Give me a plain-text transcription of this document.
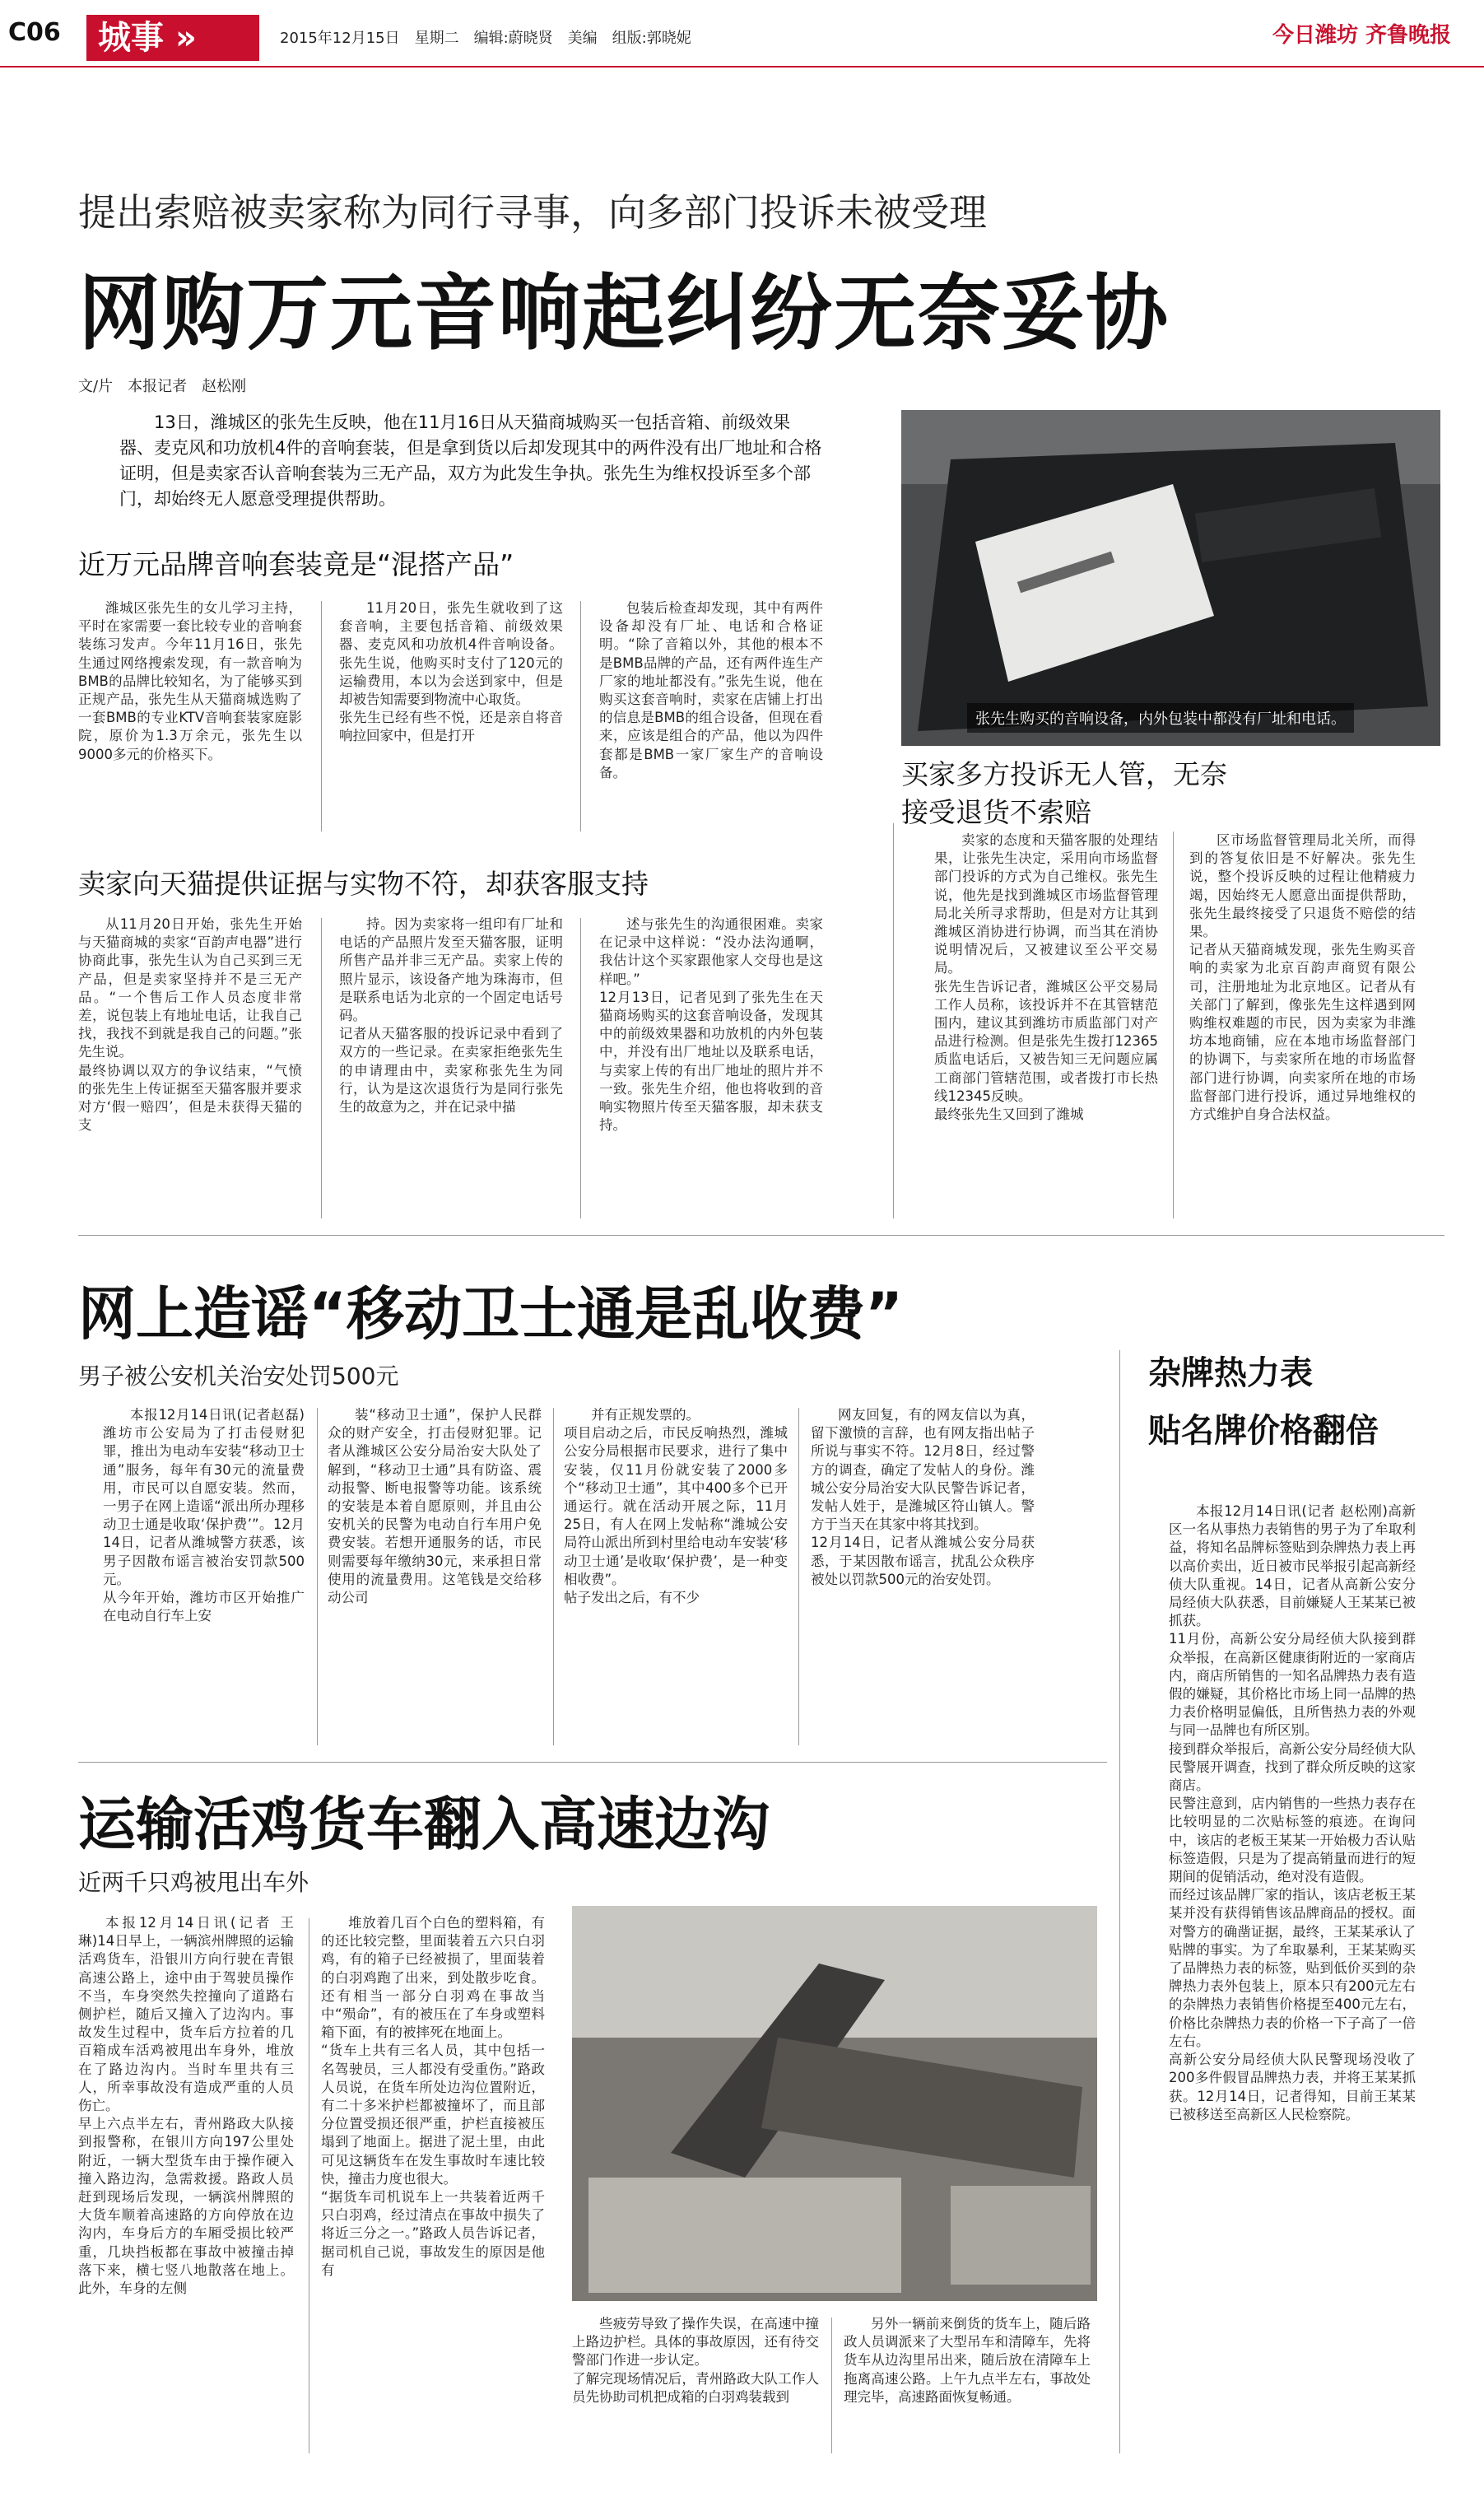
C06	城事 »	2015年12月15日　星期二　编辑:蔚晓贤　美编　组版:郭晓妮	今日潍坊 齐鲁晚报
提出索赔被卖家称为同行寻事，向多部门投诉未被受理
网购万元音响起纠纷无奈妥协
文/片　本报记者　赵松刚
13日，潍城区的张先生反映，他在11月16日从天猫商城购买一包括音箱、前级效果器、麦克风和功放机4件的音响套装，但是拿到货以后却发现其中的两件没有出厂地址和合格证明，但是卖家否认音响套装为三无产品，双方为此发生争执。张先生为维权投诉至多个部门，却始终无人愿意受理提供帮助。
张先生购买的音响设备，内外包装中都没有厂址和电话。
近万元品牌音响套装竟是“混搭产品”
潍城区张先生的女儿学习主持，平时在家需要一套比较专业的音响套装练习发声。今年11月16日，张先生通过网络搜索发现，有一款音响为BMB的品牌比较知名，为了能够买到正规产品，张先生从天猫商城选购了一套BMB的专业KTV音响套装家庭影院，原价为1.3万余元，张先生以9000多元的价格买下。
11月20日，张先生就收到了这套音响，主要包括音箱、前级效果器、麦克风和功放机4件音响设备。张先生说，他购买时支付了120元的运输费用，本以为会送到家中，但是却被告知需要到物流中心取货。
张先生已经有些不悦，还是亲自将音响拉回家中，但是打开
包装后检查却发现，其中有两件设备却没有厂址、电话和合格证明。“除了音箱以外，其他的根本不是BMB品牌的产品，还有两件连生产厂家的地址都没有。”张先生说，他在购买这套音响时，卖家在店铺上打出的信息是BMB的组合设备，但现在看来，应该是组合的产品，他以为四件套都是BMB一家厂家生产的音响设备。	买家多方投诉无人管，无奈接受退货不索赔
卖家的态度和天猫客服的处理结果，让张先生决定，采用向市场监督部门投诉的方式为自己维权。张先生说，他先是找到潍城区市场监督管理局北关所寻求帮助，但是对方让其到潍城区消协进行协调，而当其在消协说明情况后，又被建议至公平交易局。
张先生告诉记者，潍城区公平交易局工作人员称，该投诉并不在其管辖范围内，建议其到潍坊市质监部门对产品进行检测。但是张先生拨打12365质监电话后，又被告知三无问题应属工商部门管辖范围，或者拨打市长热线12345反映。
最终张先生又回到了潍城
区市场监督管理局北关所，而得到的答复依旧是不好解决。张先生说，整个投诉反映的过程让他精疲力竭，因始终无人愿意出面提供帮助，张先生最终接受了只退货不赔偿的结果。
记者从天猫商城发现，张先生购买音响的卖家为北京百韵声商贸有限公司，注册地址为北京地区。记者从有关部门了解到，像张先生这样遇到网购维权难题的市民，因为卖家为非潍坊本地商铺，应在本地市场监督部门的协调下，与卖家所在地的市场监督部门进行协调，向卖家所在地的市场监督部门进行投诉，通过异地维权的方式维护自身合法权益。
卖家向天猫提供证据与实物不符，却获客服支持
从11月20日开始，张先生开始与天猫商城的卖家“百韵声电器”进行协商此事，张先生认为自己买到三无产品，但是卖家坚持并不是三无产品。“一个售后工作人员态度非常差，说包装上有地址电话，让我自己找，我找不到就是我自己的问题。”张先生说。
最终协调以双方的争议结束，“气愤的张先生上传证据至天猫客服并要求对方‘假一赔四’，但是未获得天猫的支
持。因为卖家将一组印有厂址和电话的产品照片发至天猫客服，证明所售产品并非三无产品。卖家上传的照片显示，该设备产地为珠海市，但是联系电话为北京的一个固定电话号码。
记者从天猫客服的投诉记录中看到了双方的一些记录。在卖家拒绝张先生的申请理由中，卖家称张先生为同行，认为是这次退货行为是同行张先生的故意为之，并在记录中描
述与张先生的沟通很困难。卖家在记录中这样说：“没办法沟通啊，我估计这个买家跟他家人交母也是这样吧。”
12月13日，记者见到了张先生在天猫商场购买的这套音响设备，发现其中的前级效果器和功放机的内外包装中，并没有出厂地址以及联系电话，与卖家上传的有出厂地址的照片并不一致。张先生介绍，他也将收到的音响实物照片传至天猫客服，却未获支持。
网上造谣“移动卫士通是乱收费”
男子被公安机关治安处罚500元
本报12月14日讯(记者赵磊)潍坊市公安局为了打击侵财犯罪，推出为电动车安装“移动卫士通”服务，每年有30元的流量费用，市民可以自愿安装。然而，一男子在网上造谣“派出所办理移动卫士通是收取‘保护费’”。12月14日，记者从潍城警方获悉，该男子因散布谣言被治安罚款500元。
从今年开始，潍坊市区开始推广在电动自行车上安
装“移动卫士通”，保护人民群众的财产安全，打击侵财犯罪。记者从潍城区公安分局治安大队处了解到，“移动卫士通”具有防盗、震动报警、断电报警等功能。该系统的安装是本着自愿原则，并且由公安机关的民警为电动自行车用户免费安装。若想开通服务的话，市民则需要每年缴纳30元，来承担日常使用的流量费用。这笔钱是交给移动公司
并有正规发票的。
项目启动之后，市民反响热烈，潍城公安分局根据市民要求，进行了集中安装，仅11月份就安装了2000多个“移动卫士通”，其中400多个已开通运行。就在活动开展之际，11月25日，有人在网上发帖称“潍城公安局符山派出所到村里给电动车安装‘移动卫士通’是收取‘保护费’，是一种变相收费”。
帖子发出之后，有不少
网友回复，有的网友信以为真，留下激愤的言辞，也有网友指出帖子所说与事实不符。12月8日，经过警方的调查，确定了发帖人的身份。潍城公安分局治安大队民警告诉记者，发帖人姓于，是潍城区符山镇人。警方于当天在其家中将其找到。
12月14日，记者从潍城公安分局获悉，于某因散布谣言，扰乱公众秩序被处以罚款500元的治安处罚。
杂牌热力表
贴名牌价格翻倍
本报12月14日讯(记者 赵松刚)高新区一名从事热力表销售的男子为了牟取利益，将知名品牌标签贴到杂牌热力表上再以高价卖出，近日被市民举报引起高新经侦大队重视。14日，记者从高新公安分局经侦大队获悉，目前嫌疑人王某某已被抓获。
11月份，高新公安分局经侦大队接到群众举报，在高新区健康街附近的一家商店内，商店所销售的一知名品牌热力表有造假的嫌疑，其价格比市场上同一品牌的热力表价格明显偏低，且所售热力表的外观与同一品牌也有所区别。
接到群众举报后，高新公安分局经侦大队民警展开调查，找到了群众所反映的这家商店。
民警注意到，店内销售的一些热力表存在比较明显的二次贴标签的痕迹。在询问中，该店的老板王某某一开始极力否认贴标签造假，只是为了提高销量而进行的短期间的促销活动，绝对没有造假。
而经过该品牌厂家的指认，该店老板王某某并没有获得销售该品牌商品的授权。面对警方的确凿证据，最终，王某某承认了贴牌的事实。为了牟取暴利，王某某购买了品牌热力表的标签，贴到低价买到的杂牌热力表外包装上，原本只有200元左右的杂牌热力表销售价格提至400元左右，价格比杂牌热力表的价格一下子高了一倍左右。
高新公安分局经侦大队民警现场没收了200多件假冒品牌热力表，并将王某某抓获。12月14日，记者得知，目前王某某已被移送至高新区人民检察院。
运输活鸡货车翻入高速边沟
近两千只鸡被甩出车外
本报12月14日讯(记者 王琳)14日早上，一辆滨州牌照的运输活鸡货车，沿银川方向行驶在青银高速公路上，途中由于驾驶员操作不当，车身突然失控撞向了道路右侧护栏，随后又撞入了边沟内。事故发生过程中，货车后方拉着的几百箱成车活鸡被甩出车身外，堆放在了路边沟内。当时车里共有三人，所幸事故没有造成严重的人员伤亡。
早上六点半左右，青州路政大队接到报警称，在银川方向197公里处附近，一辆大型货车由于操作硬入撞入路边沟，急需救援。路政人员赶到现场后发现，一辆滨州牌照的大货车顺着高速路的方向停放在边沟内，车身后方的车厢受损比较严重，几块挡板都在事故中被撞击掉落下来，横七竖八地散落在地上。此外，车身的左侧
堆放着几百个白色的塑料箱，有的还比较完整，里面装着五六只白羽鸡，有的箱子已经被损了，里面装着的白羽鸡跑了出来，到处散步吃食。还有相当一部分白羽鸡在事故当中“殒命”，有的被压在了车身或塑料箱下面，有的被摔死在地面上。
“货车上共有三名人员，其中包括一名驾驶员，三人都没有受重伤。”路政人员说，在货车所处边沟位置附近，有二十多米护栏都被撞坏了，而且部分位置受损还很严重，护栏直接被压塌到了地面上。据进了泥土里，由此可见这辆货车在发生事故时车速比较快，撞击力度也很大。
“据货车司机说车上一共装着近两千只白羽鸡，经过清点在事故中损失了将近三分之一。”路政人员告诉记者，据司机自己说，事故发生的原因是他有
些疲劳导致了操作失误，在高速中撞上路边护栏。具体的事故原因，还有待交警部门作进一步认定。
了解完现场情况后，青州路政大队工作人员先协助司机把成箱的白羽鸡装载到
另外一辆前来倒货的货车上，随后路政人员调派来了大型吊车和清障车，先将货车从边沟里吊出来，随后放在清障车上拖离高速公路。上午九点半左右，事故处理完毕，高速路面恢复畅通。
